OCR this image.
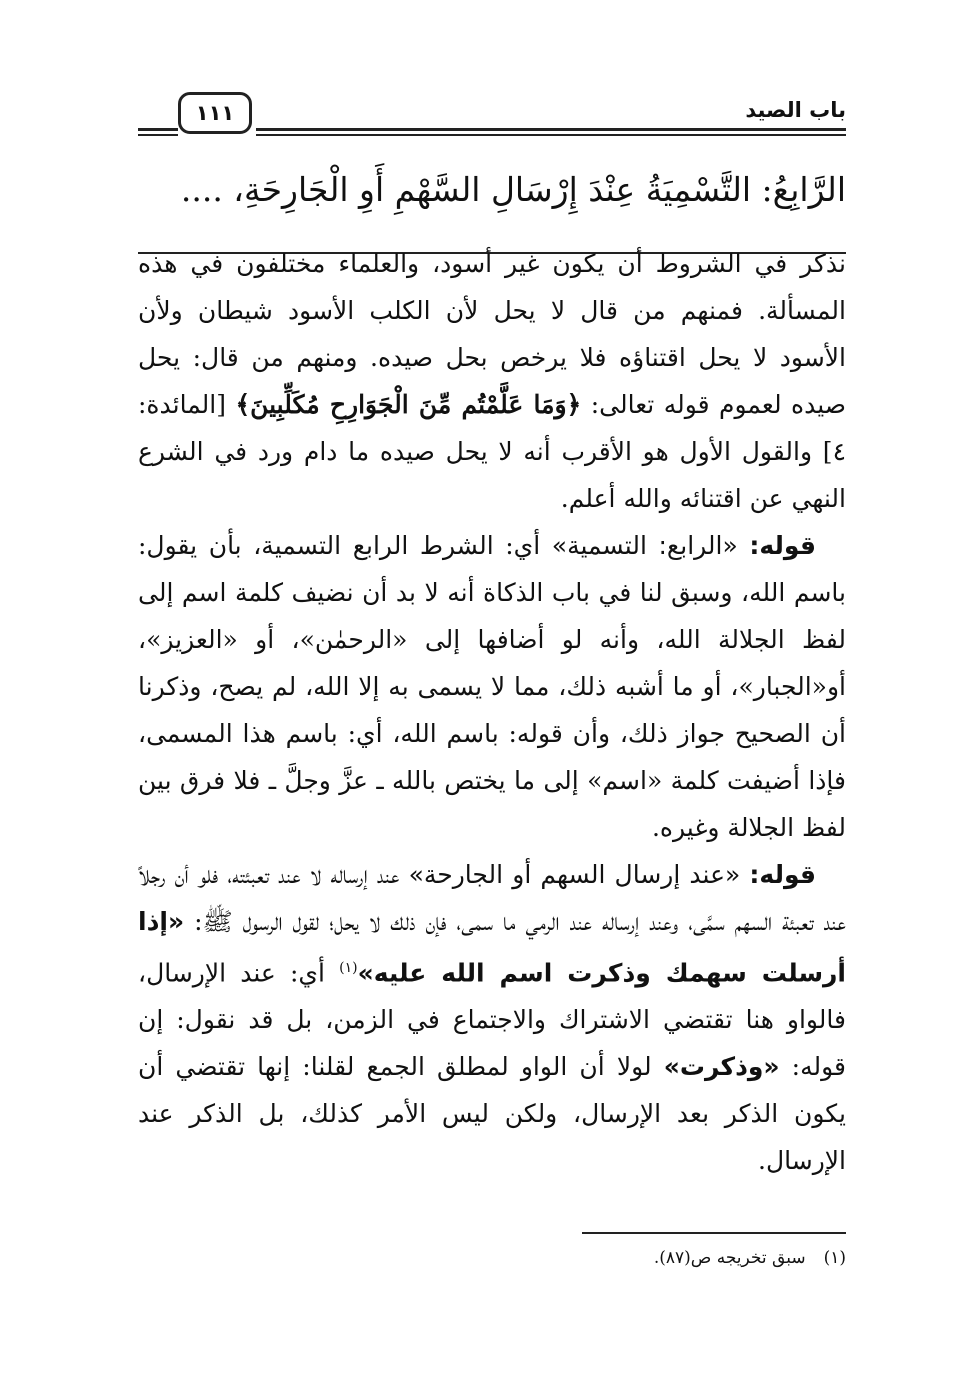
باب الصيد
١١١
الرَّابِعُ: التَّسْمِيَةُ عِنْدَ إِرْسَالِ السَّهْمِ أَوِ الْجَارِحَةِ، ....

نذكر في الشروط أن يكون غير أسود، والعلماء مختلفون في هذه المسألة. فمنهم من قال لا يحل لأن الكلب الأسود شيطان ولأن الأسود لا يحل اقتناؤه فلا يرخص بحل صيده. ومنهم من قال: يحل صيده لعموم قوله تعالى: ﴿وَمَا عَلَّمْتُم مِّنَ الْجَوَارِحِ مُكَلِّبِينَ﴾ [المائدة: ٤] والقول الأول هو الأقرب أنه لا يحل صيده ما دام ورد في الشرع النهي عن اقتنائه والله أعلم.

قوله: «الرابع: التسمية» أي: الشرط الرابع التسمية، بأن يقول: باسم الله، وسبق لنا في باب الذكاة أنه لا بد أن نضيف كلمة اسم إلى لفظ الجلالة الله، وأنه لو أضافها إلى «الرحمٰن»، أو «العزيز»، أو«الجبار»، أو ما أشبه ذلك، مما لا يسمى به إلا الله، لم يصح، وذكرنا أن الصحيح جواز ذلك، وأن قوله: باسم الله، أي: باسم هذا المسمى، فإذا أضيفت كلمة «اسم» إلى ما يختص بالله ـ عزَّ وجلَّ ـ فلا فرق بين لفظ الجلالة وغيره.

قوله: «عند إرسال السهم أو الجارحة» عند إرساله لا عند تعبئته، فلو أن رجلاً عند تعبئة السهم سمَّى، وعند إرساله عند الرمي ما سمى، فإن ذلك لا يحل؛ لقول الرسول ﷺ: «إذا أرسلت سهمك وذكرت اسم الله عليه»$^{(١)}$ أي: عند الإرسال، فالواو هنا تقتضي الاشتراك والاجتماع في الزمن، بل قد نقول: إن قوله: «وذكرت» لولا أن الواو لمطلق الجمع لقلنا: إنها تقتضي أن يكون الذكر بعد الإرسال، ولكن ليس الأمر كذلك، بل الذكر عند الإرسال.

(١)سبق تخريجه ص(٨٧).
